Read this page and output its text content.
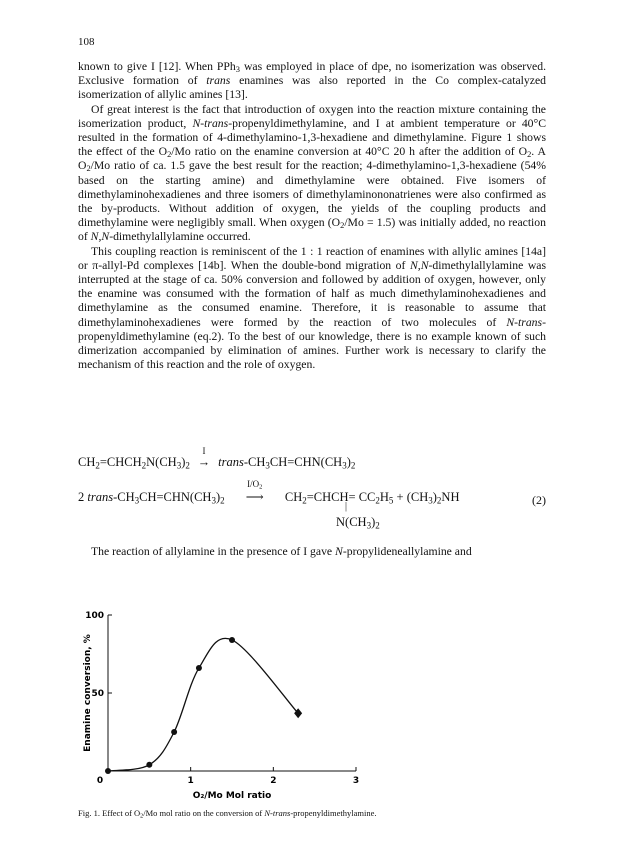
108

known to give I [12]. When PPh$_3$ was employed in place of dpe, no isomerization was observed. Exclusive formation of trans enamines was also reported in the Co complex-catalyzed isomerization of allylic amines [13].

Of great interest is the fact that introduction of oxygen into the reaction mixture containing the isomerization product, N-trans-propenyldimethylamine, and I at ambient temperature or 40°C resulted in the formation of 4-dimethylamino-1,3-hexadiene and dimethylamine. Figure 1 shows the effect of the $O_2/Mo$ ratio on the enamine conversion at 40°C 20 h after the addition of $O_2$. A $O_2/Mo$ ratio of ca. 1.5 gave the best result for the reaction; 4-dimethylamino-1,3-hexadiene (54% based on the starting amine) and dimethylamine were obtained. Five isomers of dimethylaminohexadienes and three isomers of dimethylaminononatrienes were also confirmed as the by-products. Without addition of oxygen, the yields of the coupling products and dimethylamine were negligibly small. When oxygen $(O_2/Mo = 1.5)$ was initially added, no reaction of N,N-dimethylallylamine occurred.

This coupling reaction is reminiscent of the 1 : 1 reaction of enamines with allylic amines [14a] or π-allyl-Pd complexes [14b]. When the double-bond migration of N,N-dimethylallylamine was interrupted at the stage of ca. 50% conversion and followed by addition of oxygen, however, only the enamine was consumed with the formation of half as much dimethylaminohexadienes and dimethylamine as the consumed enamine. Therefore, it is reasonable to assume that dimethylaminohexadienes were formed by the reaction of two molecules of N-trans-propenyldimethylamine (eq.2). To the best of our knowledge, there is no example known of such dimerization accompanied by elimination of amines. Further work is necessary to clarify the mechanism of this reaction and the role of oxygen.

$CH_2=CHCH_2N(CH_3)_2$
I
→ trans-$CH_3CH=CHN(CH_3)_2$
2 trans-$CH_3CH=CHN(CH_3)_2$
$I/O_2$
⟶ $CH_2=CHCH= CC_2H_5 + (CH_3)_2NH$
|
$N(CH_3)_2$
(2)
The reaction of allylamine in the presence of I gave N-propylideneallylamine and
0	1	2	3
50
100
O₂/Mo Mol ratio
Enamine conversion, %
Fig. 1. Effect of $O_2/Mo$ mol ratio on the conversion of N-trans-propenyldimethylamine.
